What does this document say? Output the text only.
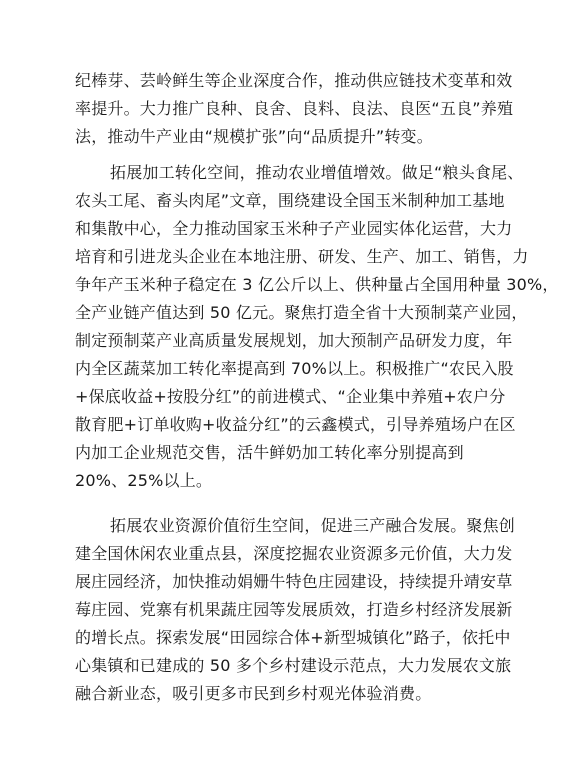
纪棒芽、芸岭鲜生等企业深度合作，推动供应链技术变革和效
率提升。大力推广良种、良舍、良料、良法、良医“五良”养殖
法，推动牛产业由“规模扩张”向“品质提升”转变。
拓展加工转化空间，推动农业增值增效。做足“粮头食尾、
农头工尾、畜头肉尾”文章，围绕建设全国玉米制种加工基地
和集散中心，全力推动国家玉米种子产业园实体化运营，大力
培育和引进龙头企业在本地注册、研发、生产、加工、销售，力
争年产玉米种子稳定在 3 亿公斤以上、供种量占全国用种量 30%，
全产业链产值达到 50 亿元。聚焦打造全省十大预制菜产业园，
制定预制菜产业高质量发展规划，加大预制产品研发力度，年
内全区蔬菜加工转化率提高到 70%以上。积极推广“农民入股
+保底收益+按股分红”的前进模式、“企业集中养殖+农户分
散育肥+订单收购+收益分红”的云鑫模式，引导养殖场户在区
内加工企业规范交售，活牛鲜奶加工转化率分别提高到
20%、25%以上。
拓展农业资源价值衍生空间，促进三产融合发展。聚焦创
建全国休闲农业重点县，深度挖掘农业资源多元价值，大力发
展庄园经济，加快推动娟姗牛特色庄园建设，持续提升靖安草
莓庄园、党寨有机果蔬庄园等发展质效，打造乡村经济发展新
的增长点。探索发展“田园综合体+新型城镇化”路子，依托中
心集镇和已建成的 50 多个乡村建设示范点，大力发展农文旅
融合新业态，吸引更多市民到乡村观光体验消费。
